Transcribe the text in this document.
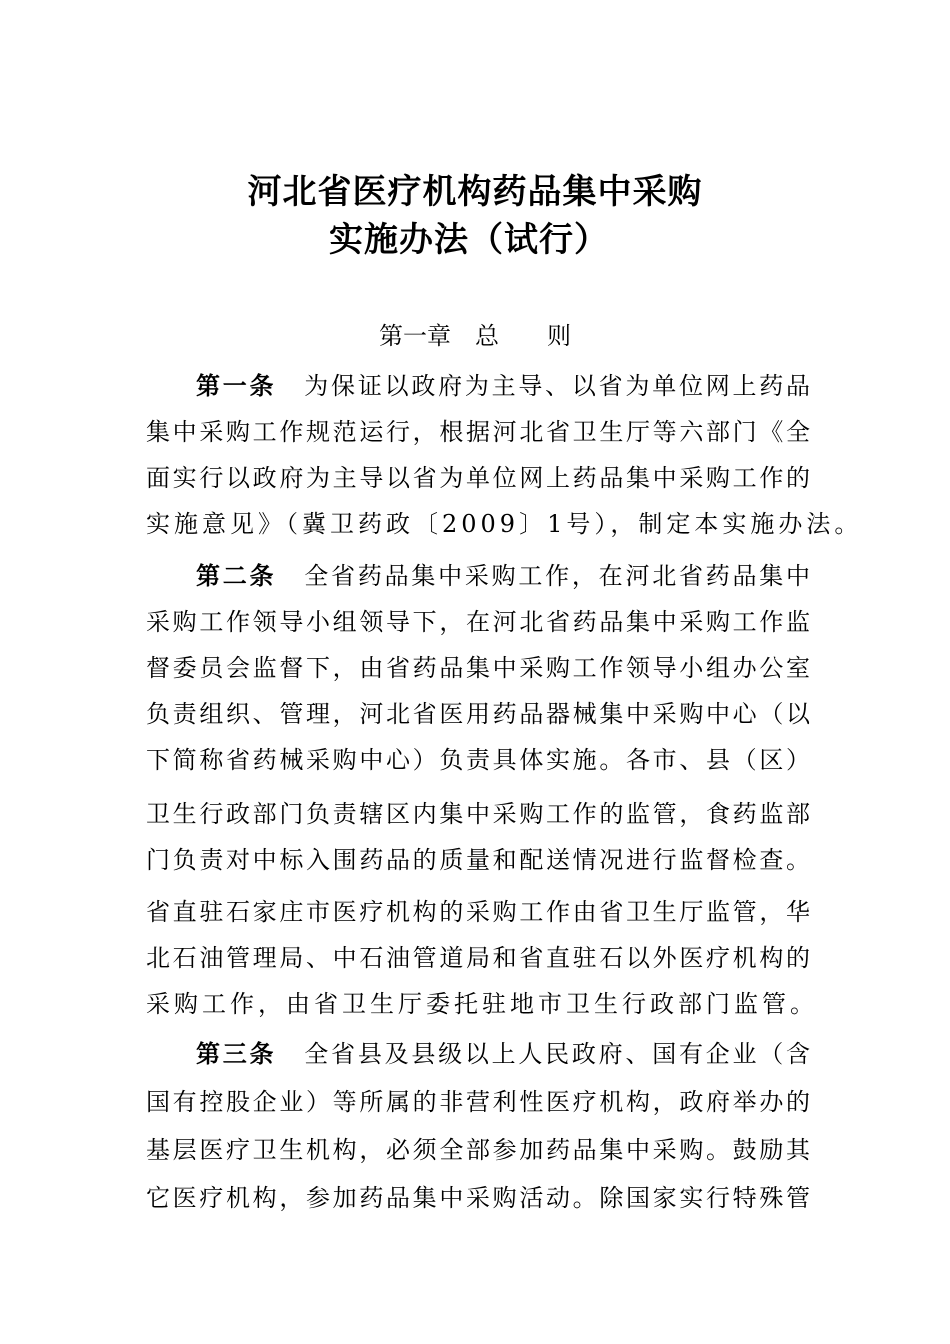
河北省医疗机构药品集中采购
实施办法（试行）
第一章　总　　则
第一条 为保证以政府为主导、以省为单位网上药品
集中采购工作规范运行，根据河北省卫生厅等六部门《全
面实行以政府为主导以省为单位网上药品集中采购工作的
实施意见》（冀卫药政〔2009〕1号），制定本实施办法。
第二条 全省药品集中采购工作，在河北省药品集中
采购工作领导小组领导下，在河北省药品集中采购工作监
督委员会监督下，由省药品集中采购工作领导小组办公室
负责组织、管理，河北省医用药品器械集中采购中心（以
下简称省药械采购中心）负责具体实施。各市、县（区）
卫生行政部门负责辖区内集中采购工作的监管，食药监部
门负责对中标入围药品的质量和配送情况进行监督检查。
省直驻石家庄市医疗机构的采购工作由省卫生厅监管，华
北石油管理局、中石油管道局和省直驻石以外医疗机构的
采购工作，由省卫生厅委托驻地市卫生行政部门监管。
第三条 全省县及县级以上人民政府、国有企业（含
国有控股企业）等所属的非营利性医疗机构，政府举办的
基层医疗卫生机构，必须全部参加药品集中采购。鼓励其
它医疗机构，参加药品集中采购活动。除国家实行特殊管
